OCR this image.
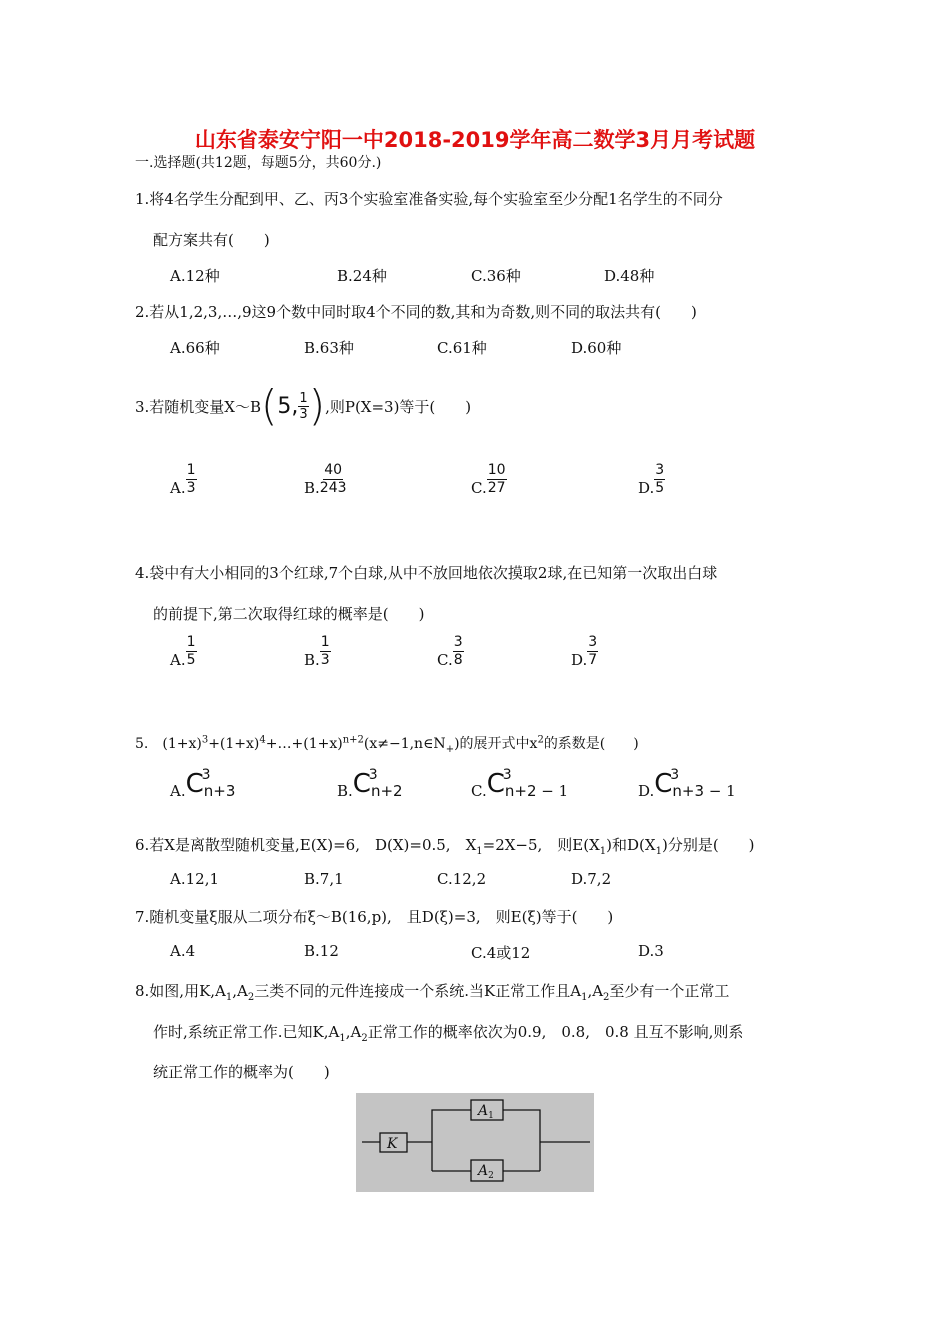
山东省泰安宁阳一中2018-2019学年高二数学3月月考试题
一.选择题(共12题，每题5分，共60分.)
1.将4名学生分配到甲、乙、丙3个实验室准备实验,每个实验室至少分配1名学生的不同分
配方案共有(　　)
A.12种	B.24种	C.36种	D.48种
2.若从1,2,3,…,9这9个数中同时取4个不同的数,其和为奇数,则不同的取法共有(　　)
A.66种	B.63种	C.61种	D.60种
3.若随机变量X～B ( 5, $\frac{1}{3}$ ) ,则P(X=3)等于(　　)
A. $\frac{1}{3}$	B. $\frac{40}{243}$	C. $\frac{10}{27}$	D. $\frac{3}{5}$
4.袋中有大小相同的3个红球,7个白球,从中不放回地依次摸取2球,在已知第一次取出白球
的前提下,第二次取得红球的概率是(　　)
A. $\frac{1}{5}$	B. $\frac{1}{3}$	C. $\frac{3}{8}$	D. $\frac{3}{7}$
5.　$(1+x)^3+(1+x)^4+\dots+(1+x)^{n+2}(x\ne-1,n\in N_+)$的展开式中$x^2$的系数是(　　)
A. C
3
n+3	B. C
3
n+2	C. C
3
n+2 − 1	D. C
3
n+3 − 1
6.若X是离散型随机变量,E(X)=6,　D(X)=0.5,　$X_1=2X-5$,　则$E(X_1)$和$D(X_1)$分别是(　　)
A.12,1	B.7,1	C.12,2	D.7,2
7.随机变量ξ服从二项分布ξ～B(16,p),　且D(ξ)=3,　则E(ξ)等于(　　)
A.4	B.12	C.4或12	D.3
8.如图,用$K,A_1,A_2$三类不同的元件连接成一个系统.当K正常工作且$A_1,A_2$至少有一个正常工
作时,系统正常工作.已知$K,A_1,A_2$正常工作的概率依次为0.9,　0.8,　0.8 且互不影响,则系
统正常工作的概率为(　　)
K
$A_1$
$A_2$
